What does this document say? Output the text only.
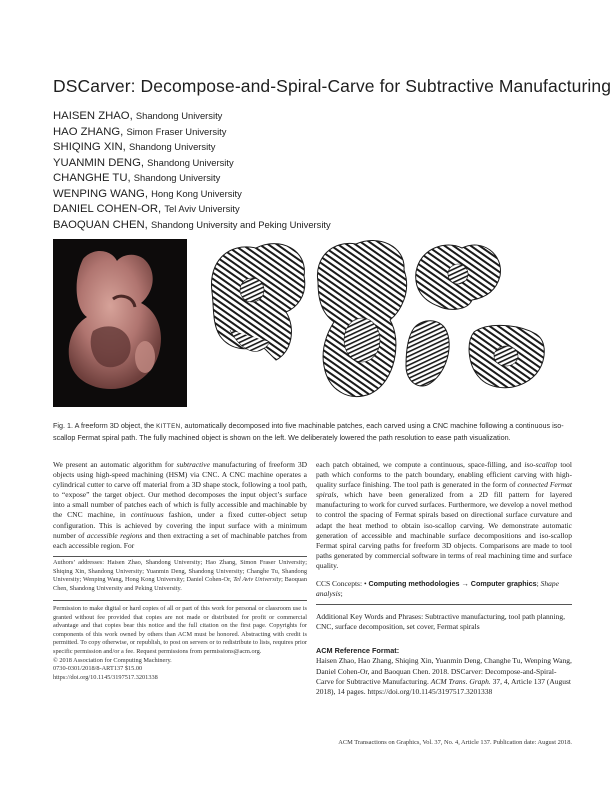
DSCarver: Decompose-and-Spiral-Carve for Subtractive Manufacturing
HAISEN ZHAO, Shandong University
HAO ZHANG, Simon Fraser University
SHIQING XIN, Shandong University
YUANMIN DENG, Shandong University
CHANGHE TU, Shandong University
WENPING WANG, Hong Kong University
DANIEL COHEN-OR, Tel Aviv University
BAOQUAN CHEN, Shandong University and Peking University
Fig. 1. A freeform 3D object, the KITTEN, automatically decomposed into five machinable patches, each carved using a CNC machine following a continuous iso-scallop Fermat spiral path. The fully machined object is shown on the left. We deliberately lowered the path resolution to ease path visualization.

We present an automatic algorithm for subtractive manufacturing of freeform 3D objects using high-speed machining (HSM) via CNC. A CNC machine operates a cylindrical cutter to carve off material from a 3D shape stock, following a tool path, to “expose” the target object. Our method decomposes the input object’s surface into a small number of patches each of which is fully accessible and machinable by the CNC machine, in continuous fashion, under a fixed cutter-object setup configuration. This is achieved by covering the input surface with a minimum number of accessible regions and then extracting a set of machinable patches from each accessible region. For

Authors’ addresses: Haisen Zhao, Shandong University; Hao Zhang, Simon Fraser University; Shiqing Xin, Shandong University; Yuanmin Deng, Shandong University; Changhe Tu, Shandong University; Wenping Wang, Hong Kong University; Daniel Cohen-Or, Tel Aviv University; Baoquan Chen, Shandong University and Peking University.

Permission to make digital or hard copies of all or part of this work for personal or classroom use is granted without fee provided that copies are not made or distributed for profit or commercial advantage and that copies bear this notice and the full citation on the first page. Copyrights for components of this work owned by others than ACM must be honored. Abstracting with credit is permitted. To copy otherwise, or republish, to post on servers or to redistribute to lists, requires prior specific permission and/or a fee. Request permissions from permissions@acm.org.

© 2018 Association for Computing Machinery.

0730-0301/2018/8-ART137 $15.00

https://doi.org/10.1145/3197517.3201338

each patch obtained, we compute a continuous, space-filling, and iso-scallop tool path which conforms to the patch boundary, enabling efficient carving with high-quality surface finishing. The tool path is generated in the form of connected Fermat spirals, which have been generalized from a 2D fill pattern for layered manufacturing to work for curved surfaces. Furthermore, we develop a novel method to control the spacing of Fermat spirals based on directional surface curvature and adapt the heat method to obtain iso-scallop carving. We demonstrate automatic generation of accessible and machinable surface decompositions and iso-scallop Fermat spiral carving paths for freeform 3D objects. Comparisons are made to tool paths generated by commercial software in terms of real machining time and surface quality.

CCS Concepts: • Computing methodologies → Computer graphics; Shape analysis;
Additional Key Words and Phrases: Subtractive manufacturing, tool path planning, CNC, surface decomposition, set cover, Fermat spirals
ACM Reference Format:
Haisen Zhao, Hao Zhang, Shiqing Xin, Yuanmin Deng, Changhe Tu, Wenping Wang, Daniel Cohen-Or, and Baoquan Chen. 2018. DSCarver: Decompose-and-Spiral-Carve for Subtractive Manufacturing. ACM Trans. Graph. 37, 4, Article 137 (August 2018), 14 pages. https://doi.org/10.1145/3197517.3201338
ACM Transactions on Graphics, Vol. 37, No. 4, Article 137. Publication date: August 2018.
